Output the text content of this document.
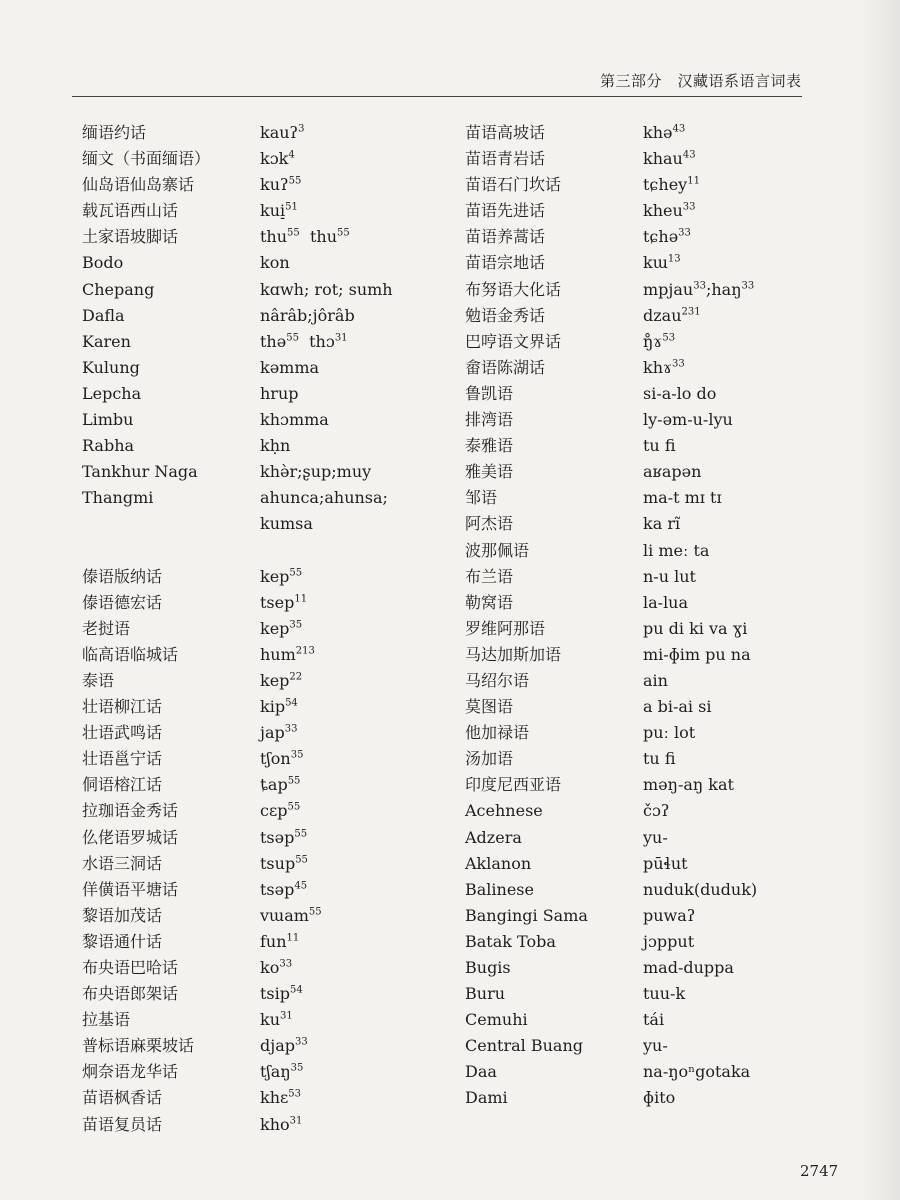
第三部分　汉藏语系语言词表
缅语约话
缅文（书面缅语）
仙岛语仙岛寨话
载瓦语西山话
土家语坡脚话
Bodo
Chepang
Dafla
Karen
Kulung
Lepcha
Limbu
Rabha
Tankhur Naga
Thangmi
傣语版纳话
傣语德宏话
老挝语
临高语临城话
泰语
壮语柳江话
壮语武鸣话
壮语邕宁话
侗语榕江话
拉珈语金秀话
仫佬语罗城话
水语三洞话
佯僙语平塘话
黎语加茂话
黎语通什话
布央语巴哈话
布央语郎架话
拉基语
普标语麻栗坡话
炯奈语龙华话
苗语枫香话
苗语复员话
kauʔ$^3$
kɔk$^4$
kuʔ$^{55}$
kui̠$^{51}$
thu$^{55}$  thu$^{55}$
kon
kɑwh; rot; sumh
nârâb;jôrâb
thə$^{55}$  thɔ$^{31}$
kəmma
hrup
khɔmma
kḥn
khə̀r;ʂup;muy
ahunca;ahunsa;
kumsa
kep$^{55}$
tsep$^{11}$
kep$^{35}$
hum$^{213}$
kep$^{22}$
kip$^{54}$
jap$^{33}$
tʃon$^{35}$
ȶap$^{55}$
cɛp$^{55}$
tsəp$^{55}$
tsup$^{55}$
tsəp$^{45}$
vɯam$^{55}$
fun$^{11}$
$ko^{33}$
tsip$^{54}$
$ku^{31}$
djap$^{33}$
tʃaŋ$^{35}$
khɛ$^{53}$
kho$^{31}$
苗语高坡话
苗语青岩话
苗语石门坎话
苗语先进话
苗语养蒿话
苗语宗地话
布努语大化话
勉语金秀话
巴哼语文界话
畲语陈湖话
鲁凯语
排湾语
泰雅语
雅美语
邹语
阿杰语
波那佩语
布兰语
勒窝语
罗维阿那语
马达加斯加语
马绍尔语
莫图语
他加禄语
汤加语
印度尼西亚语
Acehnese
Adzera
Aklanon
Balinese
Bangingi Sama
Batak Toba
Bugis
Buru
Cemuhi
Central Buang
Daa
Dami
khə$^{43}$
khau$^{43}$
tɕhey$^{11}$
kheu$^{33}$
tɕhə$^{33}$
kɯ$^{13}$
mpjau$^{33}$;haŋ$^{33}$
dzau$^{231}$
ŋ̊ɤ$^{53}$
khɤ$^{33}$
si-a-lo do
ly-əm-u-lyu
tu fi
aʁapən
ma-t mɪ tɪ
ka rĩ
li meː ta
n-u lut
la-lua
pu di ki va ɣi
mi-ɸim pu na
ain
a bi-ai si
puː lot
tu fi
məŋ-aŋ kat
čɔʔ
yu-
pūɬut
nuduk(duduk)
puwaʔ
jɔpput
mad-duppa
tuu-k
tái
yu-
na-ŋoⁿgotaka
ɸito
2747
